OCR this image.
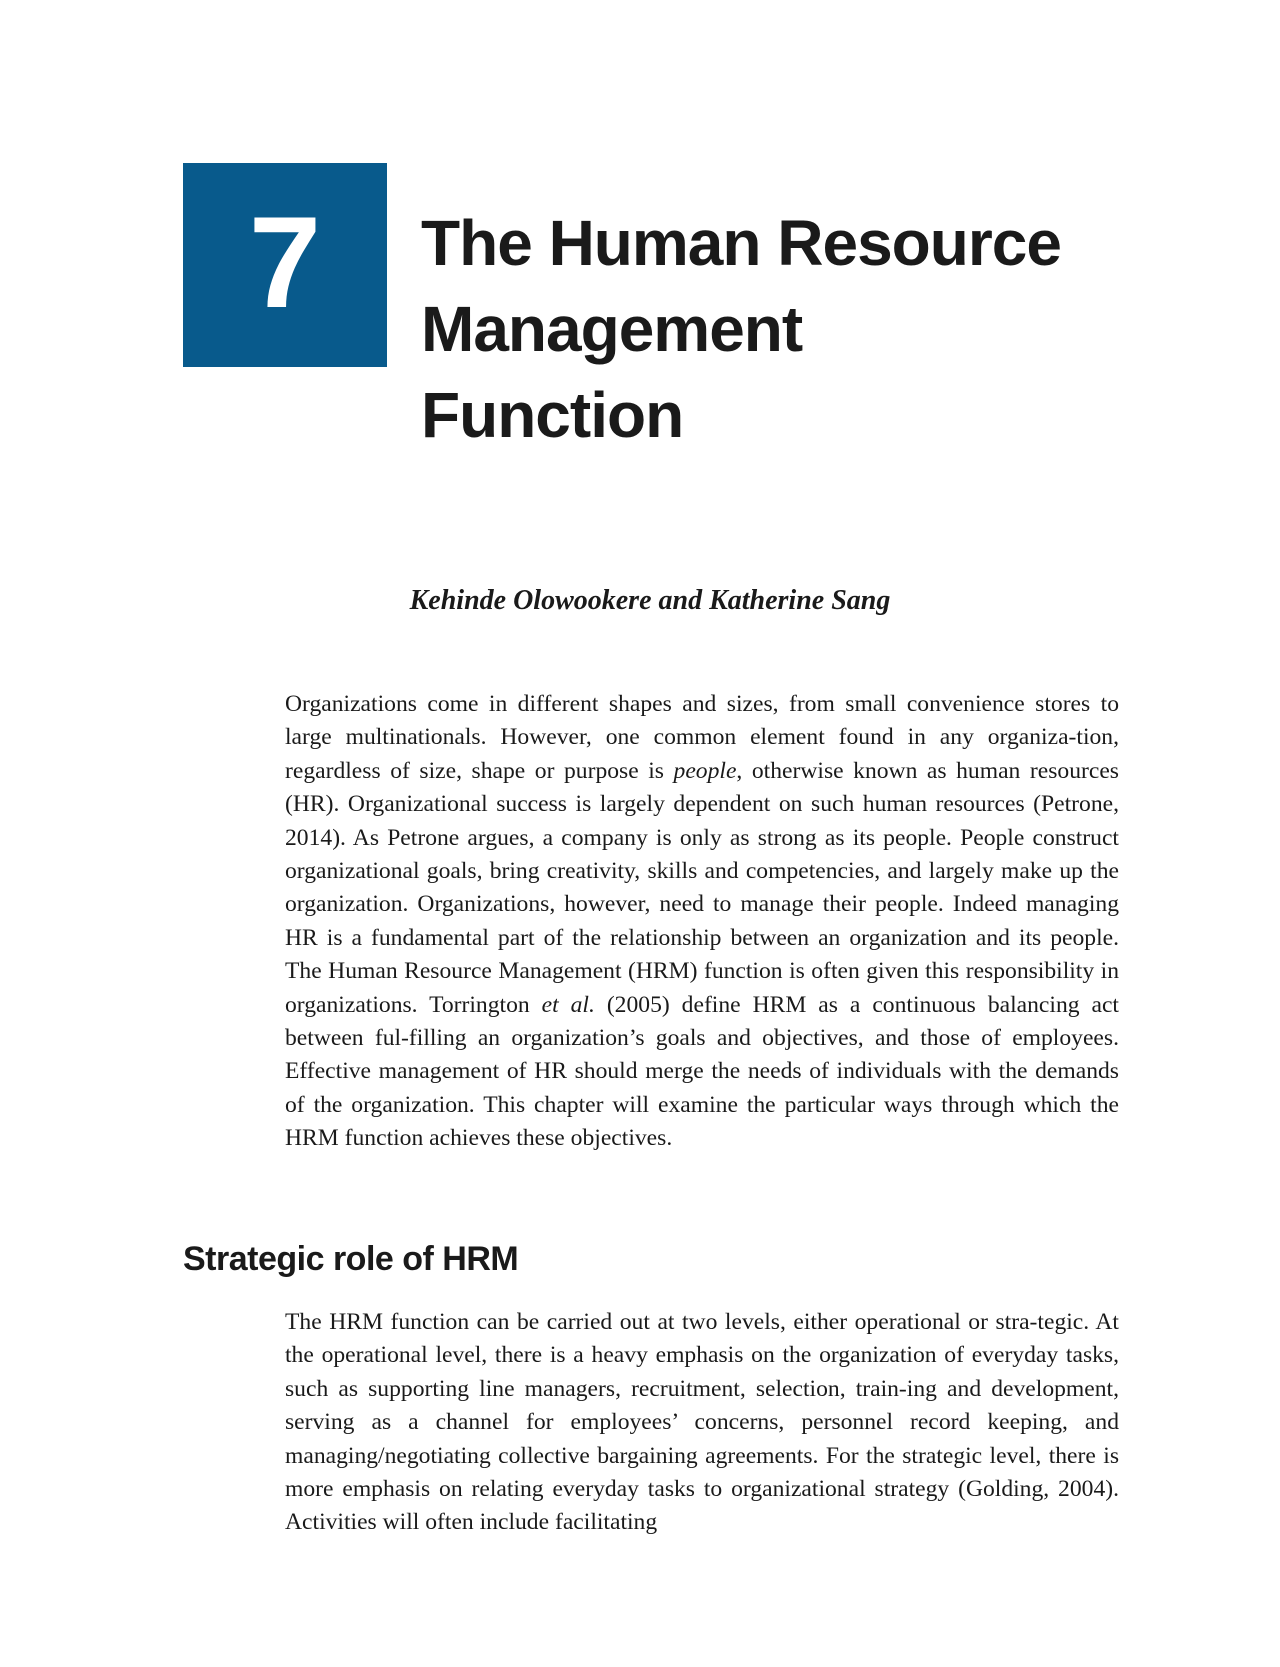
7 The Human Resource
Management
Function
Kehinde Olowookere and Katherine Sang

Organizations come in different shapes and sizes, from small convenience stores to large multinationals. However, one common element found in any organiza-tion, regardless of size, shape or purpose is people, otherwise known as human resources (HR). Organizational success is largely dependent on such human resources (Petrone, 2014). As Petrone argues, a company is only as strong as its people. People construct organizational goals, bring creativity, skills and competencies, and largely make up the organization. Organizations, however, need to manage their people. Indeed managing HR is a fundamental part of the relationship between an organization and its people. The Human Resource Management (HRM) function is often given this responsibility in organizations. Torrington et al. (2005) define HRM as a continuous balancing act between ful-filling an organization’s goals and objectives, and those of employees. Effective management of HR should merge the needs of individuals with the demands of the organization. This chapter will examine the particular ways through which the HRM function achieves these objectives.

Strategic role of HRM

The HRM function can be carried out at two levels, either operational or stra-tegic. At the operational level, there is a heavy emphasis on the organization of everyday tasks, such as supporting line managers, recruitment, selection, train-ing and development, serving as a channel for employees’ concerns, personnel record keeping, and managing/negotiating collective bargaining agreements. For the strategic level, there is more emphasis on relating everyday tasks to organizational strategy (Golding, 2004). Activities will often include facilitating
